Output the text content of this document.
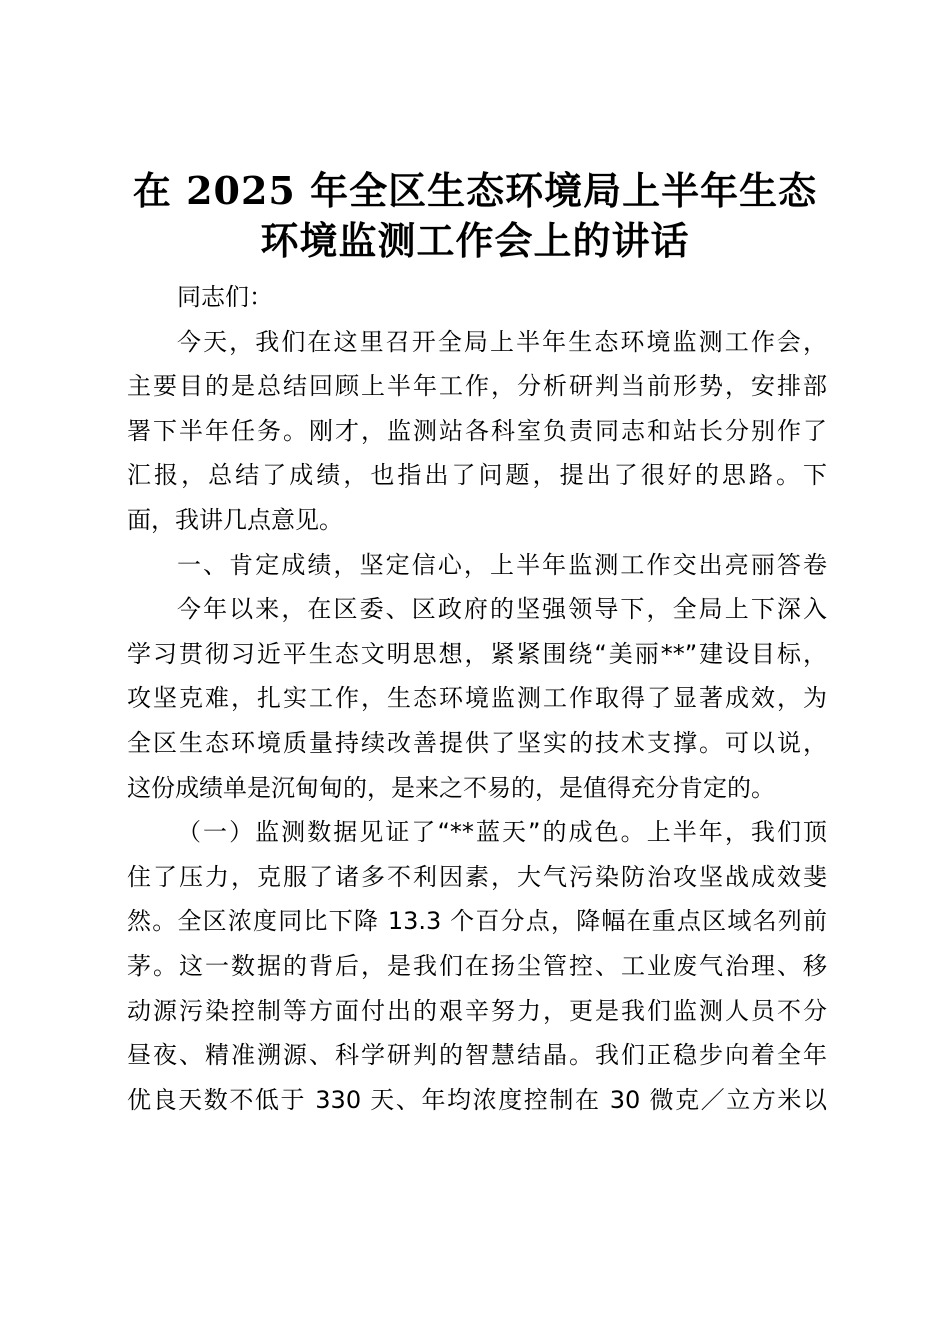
在 2025 年全区生态环境局上半年生态
环境监测工作会上的讲话
同志们：
今天，我们在这里召开全局上半年生态环境监测工作会，
主要目的是总结回顾上半年工作，分析研判当前形势，安排部
署下半年任务。刚才，监测站各科室负责同志和站长分别作了
汇报，总结了成绩，也指出了问题，提出了很好的思路。下
面，我讲几点意见。
一、肯定成绩，坚定信心，上半年监测工作交出亮丽答卷
今年以来，在区委、区政府的坚强领导下，全局上下深入
学习贯彻习近平生态文明思想，紧紧围绕“美丽**”建设目标，
攻坚克难，扎实工作，生态环境监测工作取得了显著成效，为
全区生态环境质量持续改善提供了坚实的技术支撑。可以说，
这份成绩单是沉甸甸的，是来之不易的，是值得充分肯定的。
（一）监测数据见证了“**蓝天”的成色。上半年，我们顶
住了压力，克服了诸多不利因素，大气污染防治攻坚战成效斐
然。全区浓度同比下降 13.3 个百分点，降幅在重点区域名列前
茅。这一数据的背后，是我们在扬尘管控、工业废气治理、移
动源污染控制等方面付出的艰辛努力，更是我们监测人员不分
昼夜、精准溯源、科学研判的智慧结晶。我们正稳步向着全年
优良天数不低于 330 天、年均浓度控制在 30 微克／立方米以
